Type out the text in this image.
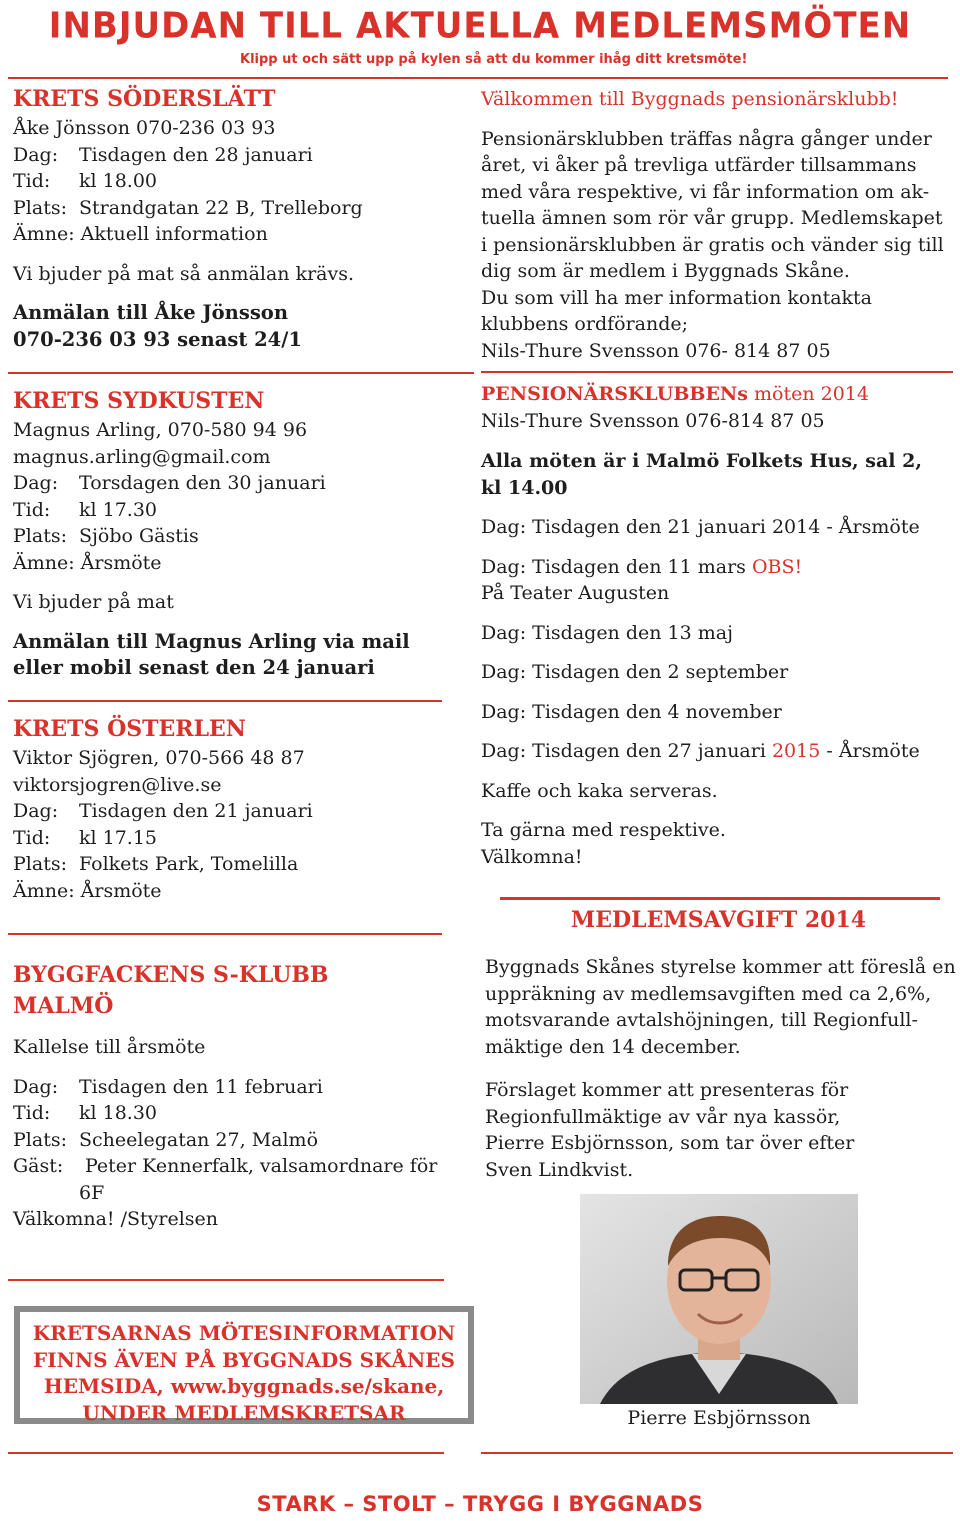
INBJUDAN TILL AKTUELLA MEDLEMSMÖTEN
Klipp ut och sätt upp på kylen så att du kommer ihåg ditt kretsmöte!
KRETS SÖDERSLÄTT
Åke Jönsson 070-236 03 93
Dag: Tisdagen den 28 januari
Tid: kl 18.00
Plats: Strandgatan 22 B, Trelleborg
Ämne: Aktuell information
Vi bjuder på mat så anmälan krävs.
Anmälan till Åke Jönsson
070-236 03 93 senast 24/1
KRETS SYDKUSTEN
Magnus Arling, 070-580 94 96
magnus.arling@gmail.com
Dag: Torsdagen den 30 januari
Tid: kl 17.30
Plats: Sjöbo Gästis
Ämne: Årsmöte
Vi bjuder på mat
Anmälan till Magnus Arling via mail
eller mobil senast den 24 januari
KRETS ÖSTERLEN
Viktor Sjögren, 070-566 48 87
viktorsjogren@live.se
Dag: Tisdagen den 21 januari
Tid: kl 17.15
Plats: Folkets Park, Tomelilla
Ämne: Årsmöte
BYGGFACKENS S-KLUBB
MALMÖ
Kallelse till årsmöte
Dag: Tisdagen den 11 februari
Tid: kl 18.30
Plats: Scheelegatan 27, Malmö
Gäst: Peter Kennerfalk, valsamordnare för
6F
Välkomna! /Styrelsen
KRETSARNAS MÖTESINFORMATION
FINNS ÄVEN PÅ BYGGNADS SKÅNES
HEMSIDA, www.byggnads.se/skane,
UNDER MEDLEMSKRETSAR
Välkommen till Byggnads pensionärsklubb!
Pensionärsklubben träffas några gånger under
året, vi åker på trevliga utfärder tillsammans
med våra respektive, vi får information om ak-
tuella ämnen som rör vår grupp. Medlemskapet
i pensionärsklubben är gratis och vänder sig till
dig som är medlem i Byggnads Skåne.
Du som vill ha mer information kontakta
klubbens ordförande;
Nils-Thure Svensson 076- 814 87 05
PENSIONÄRSKLUBBENs möten 2014
Nils-Thure Svensson 076-814 87 05
Alla möten är i Malmö Folkets Hus, sal 2,
kl 14.00
Dag: Tisdagen den 21 januari 2014 - Årsmöte
Dag: Tisdagen den 11 mars OBS!
På Teater Augusten
Dag: Tisdagen den 13 maj
Dag: Tisdagen den 2 september
Dag: Tisdagen den 4 november
Dag: Tisdagen den 27 januari 2015 - Årsmöte
Kaffe och kaka serveras.
Ta gärna med respektive.
Välkomna!
MEDLEMSAVGIFT 2014
Byggnads Skånes styrelse kommer att föreslå en
uppräkning av medlemsavgiften med ca 2,6%,
motsvarande avtalshöjningen, till Regionfull-
mäktige den 14 december.
Förslaget kommer att presenteras för
Regionfullmäktige av vår nya kassör,
Pierre Esbjörnsson, som tar över efter
Sven Lindkvist.
Pierre Esbjörnsson
STARK – STOLT – TRYGG I BYGGNADS
